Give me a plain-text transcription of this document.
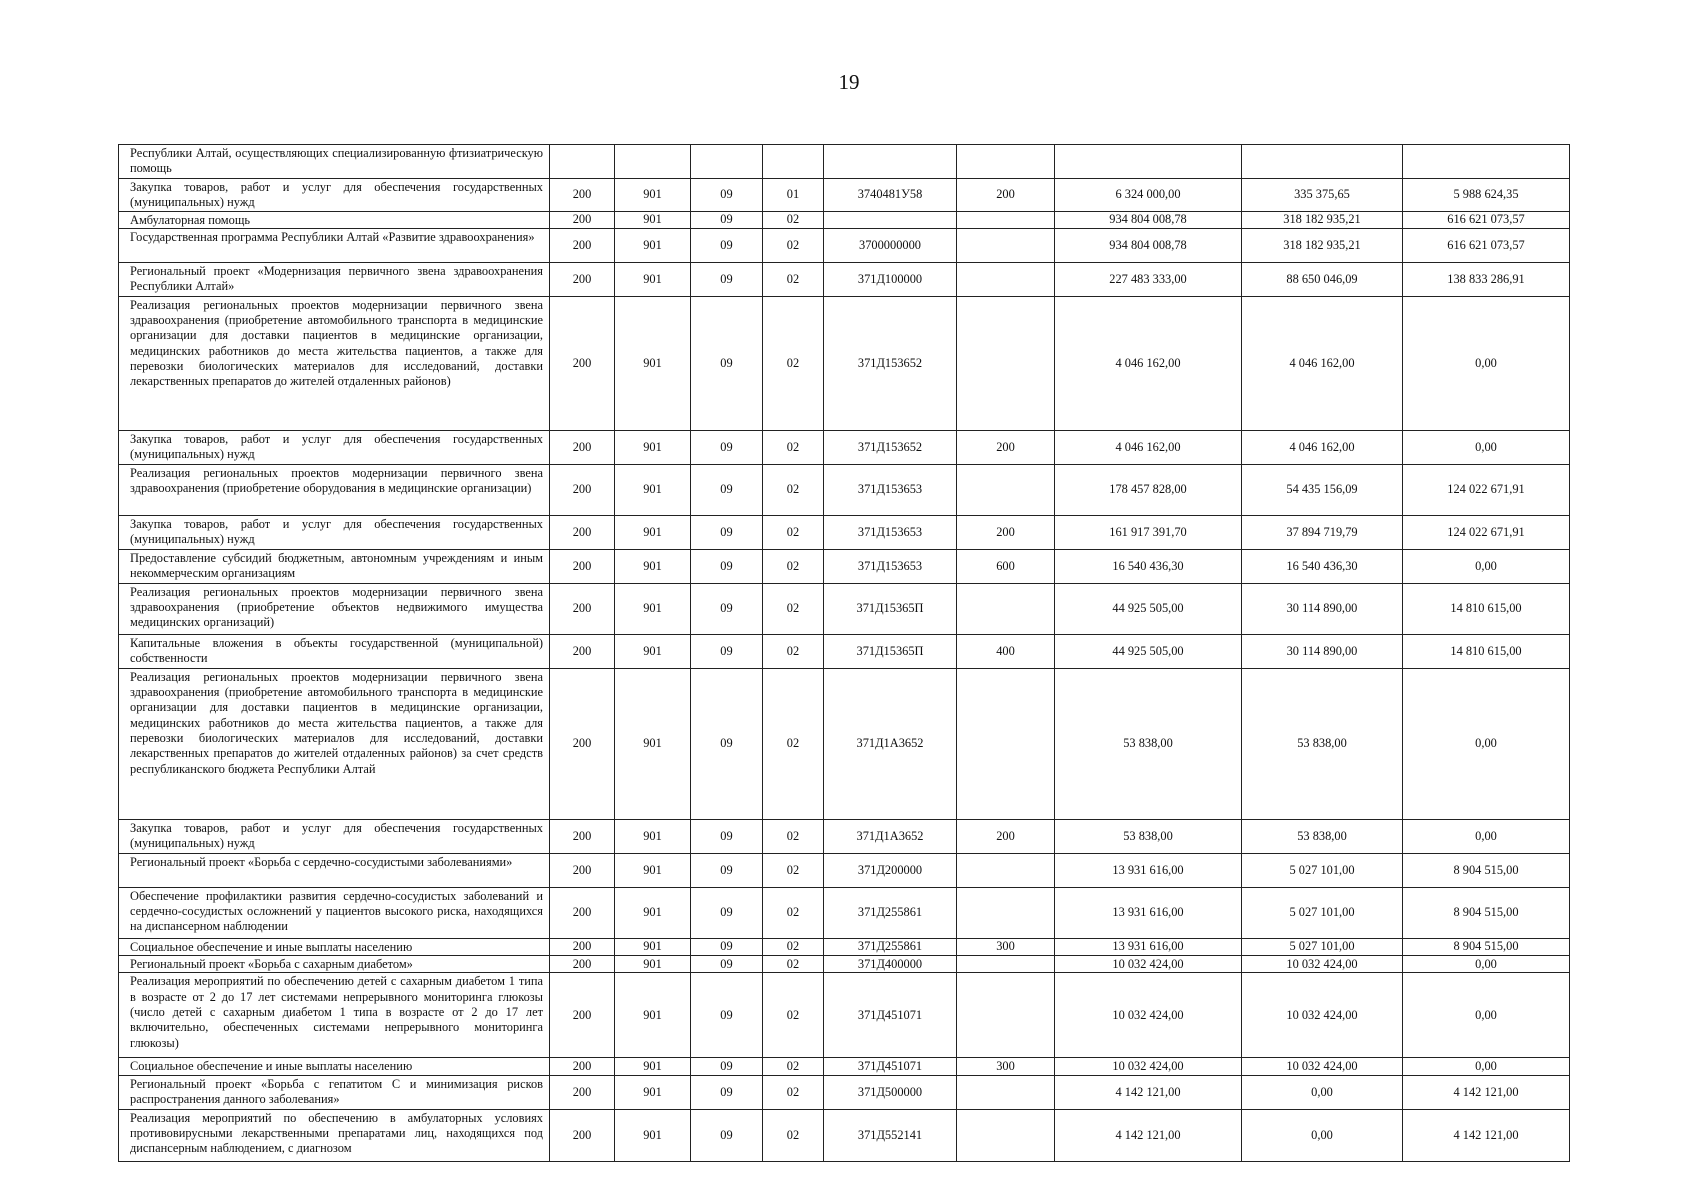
19
Республики Алтай, осуществляющих специализированную фтизиатрическую помощь									
Закупка товаров, работ и услуг для обеспечения государственных (муниципальных) нужд	200	901	09	01	3740481У58	200	6 324 000,00	335 375,65	5 988 624,35
Амбулаторная помощь	200	901	09	02			934 804 008,78	318 182 935,21	616 621 073,57
Государственная программа Республики Алтай «Развитие здравоохранения»	200	901	09	02	3700000000		934 804 008,78	318 182 935,21	616 621 073,57
Региональный проект «Модернизация первичного звена здравоохранения Республики Алтай»	200	901	09	02	371Д100000		227 483 333,00	88 650 046,09	138 833 286,91
Реализация региональных проектов модернизации первичного звена здравоохранения (приобретение автомобильного транспорта в медицинские организации для доставки пациентов в медицинские организации, медицинских работников до места жительства пациентов, а также для перевозки биологических материалов для исследований, доставки лекарственных препаратов до жителей отдаленных районов)	200	901	09	02	371Д153652		4 046 162,00	4 046 162,00	0,00
Закупка товаров, работ и услуг для обеспечения государственных (муниципальных) нужд	200	901	09	02	371Д153652	200	4 046 162,00	4 046 162,00	0,00
Реализация региональных проектов модернизации первичного звена здравоохранения (приобретение оборудования в медицинские организации)	200	901	09	02	371Д153653		178 457 828,00	54 435 156,09	124 022 671,91
Закупка товаров, работ и услуг для обеспечения государственных (муниципальных) нужд	200	901	09	02	371Д153653	200	161 917 391,70	37 894 719,79	124 022 671,91
Предоставление субсидий бюджетным, автономным учреждениям и иным некоммерческим организациям	200	901	09	02	371Д153653	600	16 540 436,30	16 540 436,30	0,00
Реализация региональных проектов модернизации первичного звена здравоохранения (приобретение объектов недвижимого имущества медицинских организаций)	200	901	09	02	371Д15365П		44 925 505,00	30 114 890,00	14 810 615,00
Капитальные вложения в объекты государственной (муниципальной) собственности	200	901	09	02	371Д15365П	400	44 925 505,00	30 114 890,00	14 810 615,00
Реализация региональных проектов модернизации первичного звена здравоохранения (приобретение автомобильного транспорта в медицинские организации для доставки пациентов в медицинские организации, медицинских работников до места жительства пациентов, а также для перевозки биологических материалов для исследований, доставки лекарственных препаратов до жителей отдаленных районов) за счет средств республиканского бюджета Республики Алтай	200	901	09	02	371Д1А3652		53 838,00	53 838,00	0,00
Закупка товаров, работ и услуг для обеспечения государственных (муниципальных) нужд	200	901	09	02	371Д1А3652	200	53 838,00	53 838,00	0,00
Региональный проект «Борьба с сердечно-сосудистыми заболеваниями»	200	901	09	02	371Д200000		13 931 616,00	5 027 101,00	8 904 515,00
Обеспечение профилактики развития сердечно-сосудистых заболеваний и сердечно-сосудистых осложнений у пациентов высокого риска, находящихся на диспансерном наблюдении	200	901	09	02	371Д255861		13 931 616,00	5 027 101,00	8 904 515,00
Социальное обеспечение и иные выплаты населению	200	901	09	02	371Д255861	300	13 931 616,00	5 027 101,00	8 904 515,00
Региональный проект «Борьба с сахарным диабетом»	200	901	09	02	371Д400000		10 032 424,00	10 032 424,00	0,00
Реализация мероприятий по обеспечению детей с сахарным диабетом 1 типа в возрасте от 2 до 17 лет системами непрерывного мониторинга глюкозы (число детей с сахарным диабетом 1 типа в возрасте от 2 до 17 лет включительно, обеспеченных системами непрерывного мониторинга глюкозы)	200	901	09	02	371Д451071		10 032 424,00	10 032 424,00	0,00
Социальное обеспечение и иные выплаты населению	200	901	09	02	371Д451071	300	10 032 424,00	10 032 424,00	0,00
Региональный проект «Борьба с гепатитом С и минимизация рисков распространения данного заболевания»	200	901	09	02	371Д500000		4 142 121,00	0,00	4 142 121,00
Реализация мероприятий по обеспечению в амбулаторных условиях противовирусными лекарственными препаратами лиц, находящихся под диспансерным наблюдением, с диагнозом	200	901	09	02	371Д552141		4 142 121,00	0,00	4 142 121,00
